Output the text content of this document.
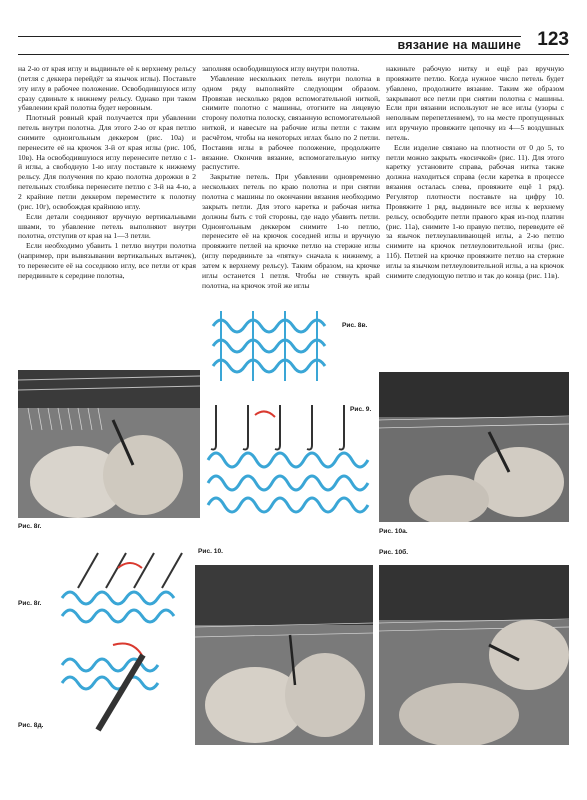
вязание на машине 123

на 2-ю от края иглу и выдвиньте её к верхнему рельсу (петля с деккера перейдёт за язычок иглы). Поставьте эту иглу в рабочее положение. Освободившуюся иглу сразу сдвиньте к нижнему рельсу. Однако при таком убавлении край полотна будет неровным.

Плотный ровный край получается при убавлении петель внутри полотна. Для этого 2-ю от края петлю снимите одноигольным деккером (рис. 10а) и перенесите её на крючок 3-й от края иглы (рис. 10б, 10в). На освободившуюся иглу перенесите петлю с 1-й иглы, а свободную 1-ю иглу поставьте к нижнему рельсу. Для получения по краю полотна дорожки в 2 петельных столбика перенесите петлю с 3-й на 4-ю, а 2 крайние петли деккером переместите к полотну (рис. 10г), освобождая крайнюю иглу.

Если детали соединяют вручную вертикальными швами, то убавление петель выполняют внутри полотна, отступив от края на 1—3 петли.

Если необходимо убавить 1 петлю внутри полотна (например, при вывязывании вертикальных вытачек), то перенесите её на соседнюю иглу, все петли от края передвиньте к середине полотна,

заполняя освободившуюся иглу внутри полотна.

Убавление нескольких петель внутри полотна в одном ряду выполняйте следующим образом. Провязав несколько рядов вспомогательной ниткой, снимите полотно с машины, отогните на лицевую сторону полотна полоску, связанную вспомогательной ниткой, и навесьте на рабочие иглы петли с таким расчётом, чтобы на некоторых иглах было по 2 петли. Поставив иглы в рабочее положение, продолжите вязание. Окончив вязание, вспомогательную нитку распустите.

Закрытие петель. При убавлении одновременно нескольких петель по краю полотна и при снятии полотна с машины по окончании вязания необходимо закрыть петли. Для этого каретка и рабочая нитка должны быть с той стороны, где надо убавить петли. Одноигольным деккером снимите 1-ю петлю, перенесите её на крючок соседней иглы и вручную провяжите петлей на крючке петлю на стержне иглы (иглу передвиньте за «пятку» сначала к нижнему, а затем к верхнему рельсу). Таким образом, на крючке иглы останется 1 петля. Чтобы не стянуть край полотна, на крючок этой же иглы

накиньте рабочую нитку и ещё раз вручную провяжите петлю. Когда нужное число петель будет убавлено, продолжите вязание. Таким же образом закрывают все петли при снятии полотна с машины. Если при вязании используют не все иглы (узоры с неполным перепетлением), то на месте пропущенных игл вручную провяжите цепочку из 4—5 воздушных петель.

Если изделие связано на плотности от 0 до 5, то петли можно закрыть «косичкой» (рис. 11). Для этого каретку установите справа, рабочая нитка также должна находиться справа (если каретка в процессе вязания осталась слева, провяжите ещё 1 ряд). Регулятор плотности поставьте на цифру 10. Провяжите 1 ряд, выдвиньте все иглы к верхнему рельсу, освободите петли правого края из-под платин (рис. 11а), снимите 1-ю правую петлю, переведите её за язычок петлеулавливающей иглы, а 2-ю петлю снимите на крючок петлеуловительной иглы (рис. 11б). Петлей на крючке провяжите петлю на стержне иглы за язычком петлеуловительной иглы, а на крючок снимите следующую петлю и так до конца (рис. 11в).

Рис. 8г.
Рис. 8в.
Рис. 9.
Рис. 10а.
Рис. 10б.
Рис. 8г.
Рис. 8д.
Рис. 10.
